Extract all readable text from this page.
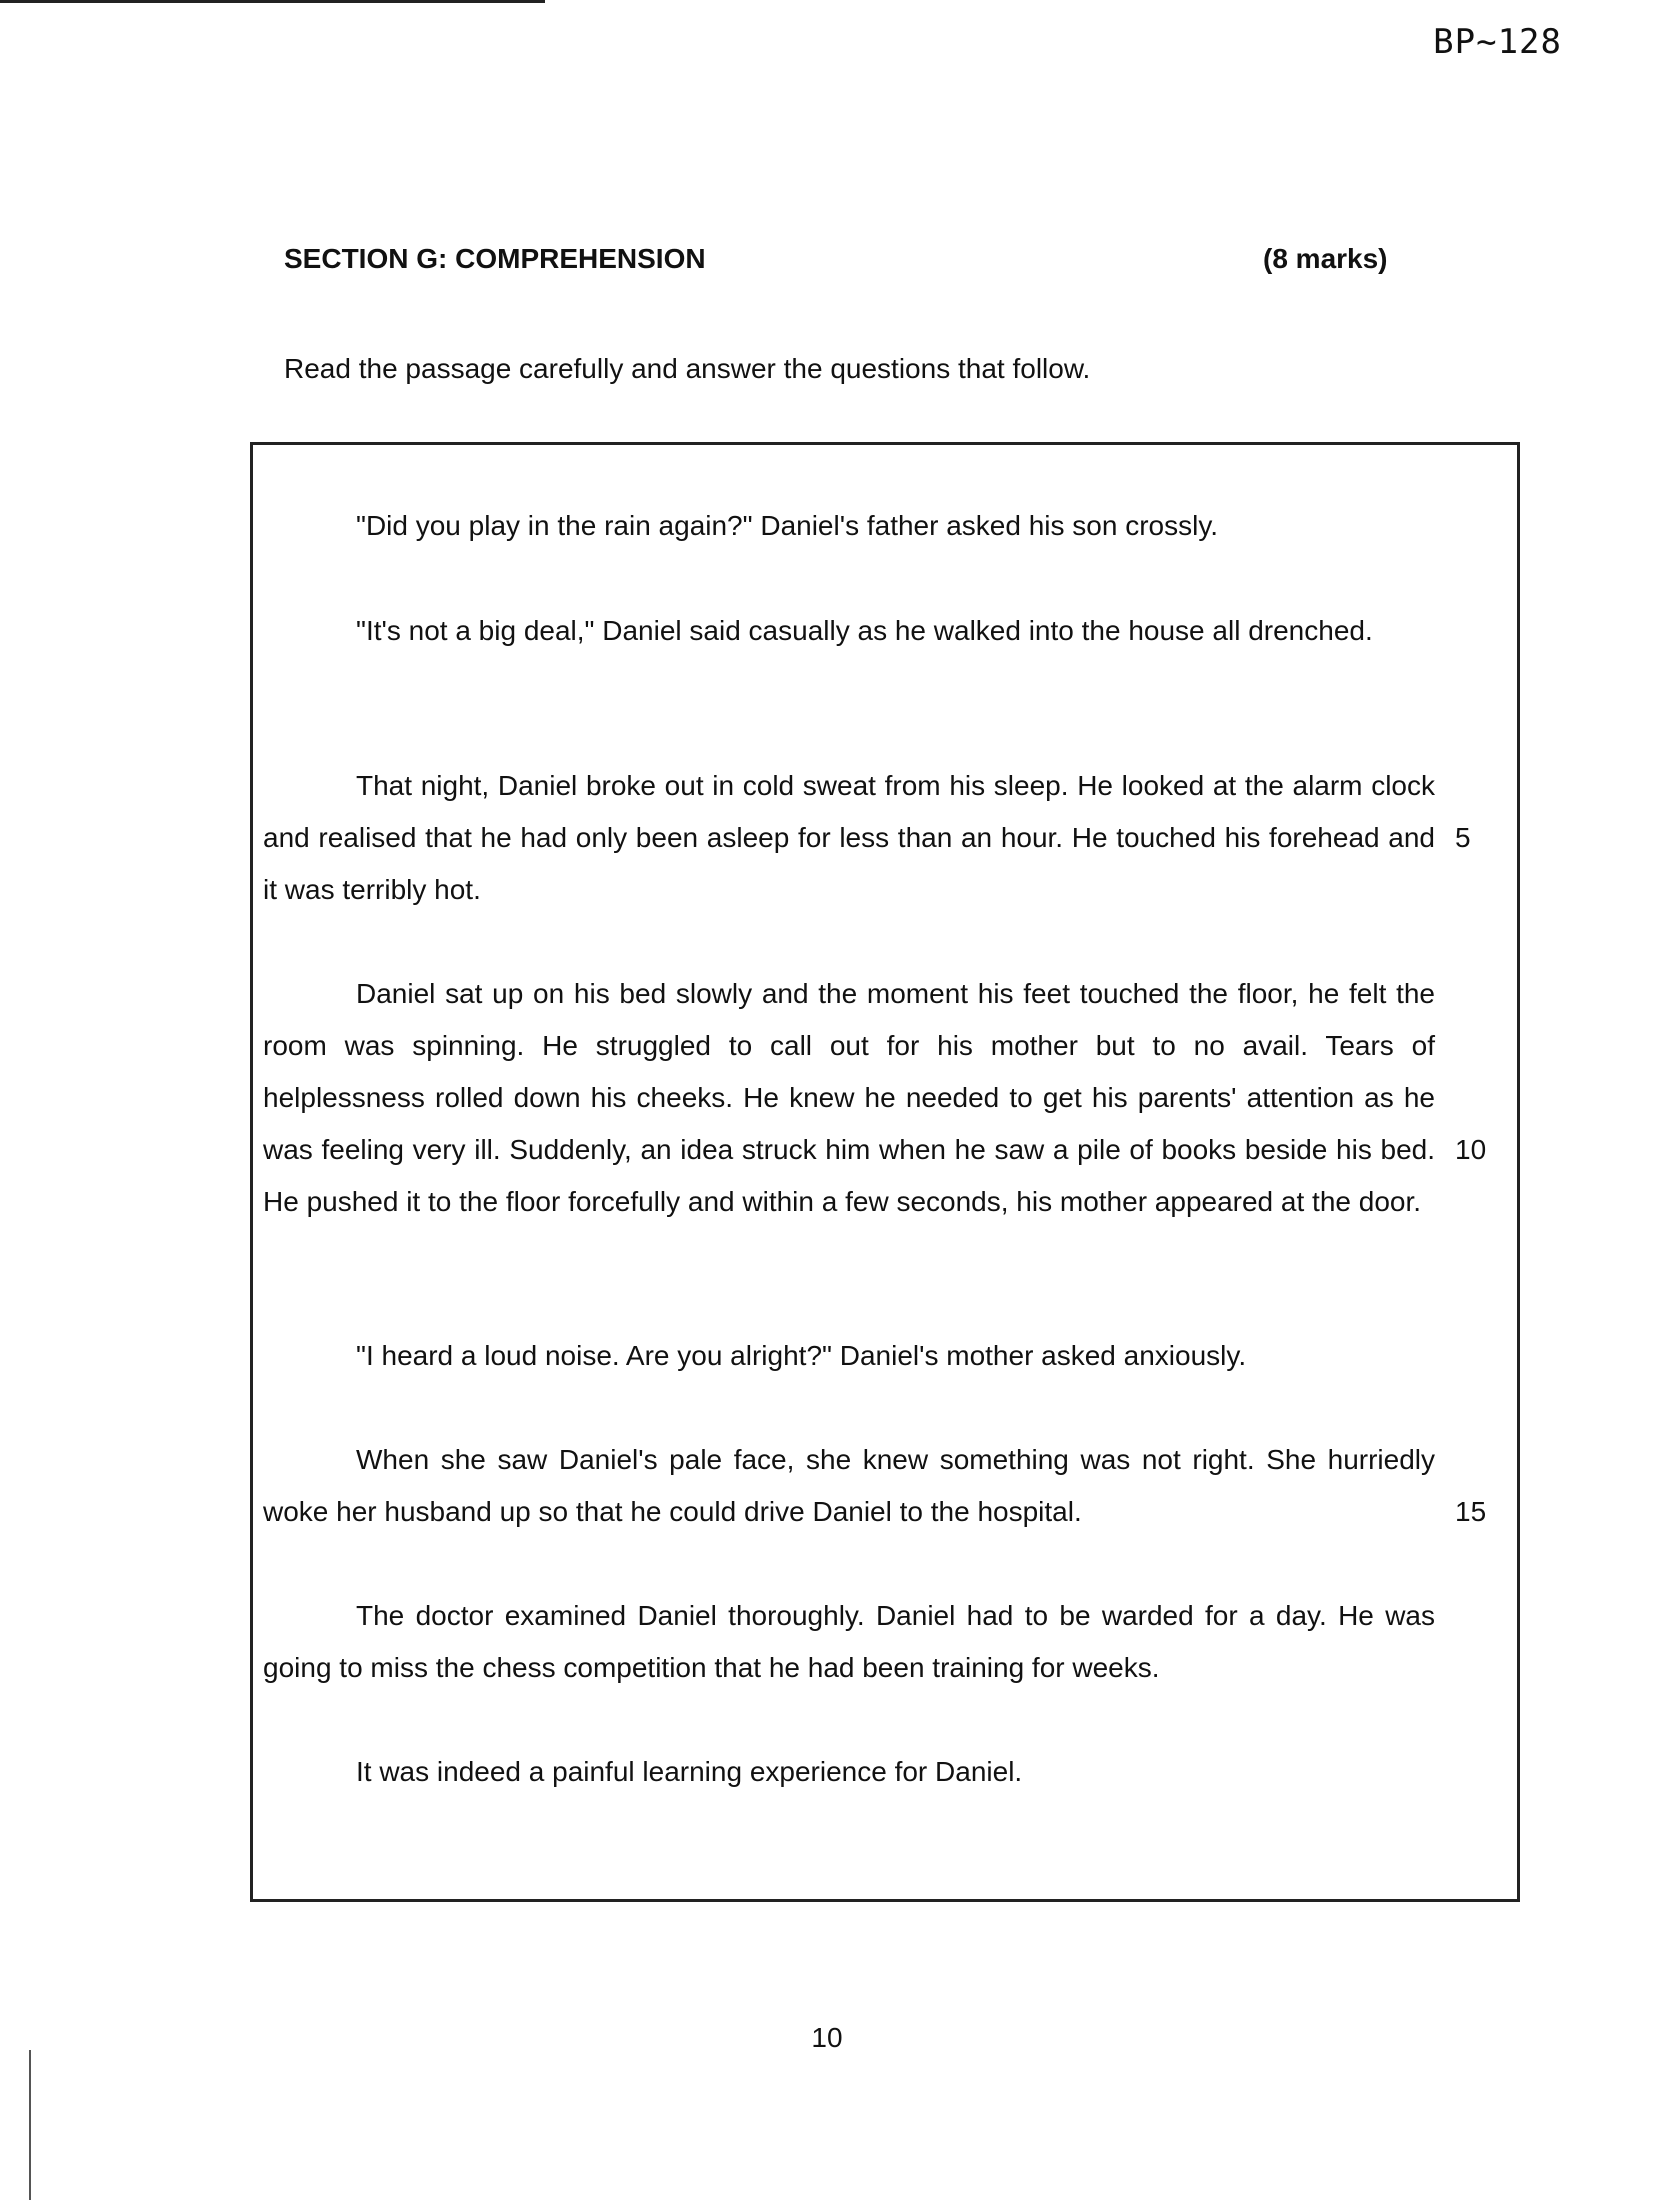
BP~128
SECTION G: COMPREHENSION	(8 marks)
Read the passage carefully and answer the questions that follow.

"Did you play in the rain again?" Daniel's father asked his son crossly.

"It's not a big deal," Daniel said casually as he walked into the house all drenched.

That night, Daniel broke out in cold sweat from his sleep. He looked at the alarm clock and realised that he had only been asleep for less than an hour. He touched his forehead and it was terribly hot.

Daniel sat up on his bed slowly and the moment his feet touched the floor, he felt the room was spinning. He struggled to call out for his mother but to no avail. Tears of helplessness rolled down his cheeks. He knew he needed to get his parents' attention as he was feeling very ill. Suddenly, an idea struck him when he saw a pile of books beside his bed. He pushed it to the floor forcefully and within a few seconds, his mother appeared at the door.

"I heard a loud noise. Are you alright?" Daniel's mother asked anxiously.

When she saw Daniel's pale face, she knew something was not right. She hurriedly woke her husband up so that he could drive Daniel to the hospital.

The doctor examined Daniel thoroughly. Daniel had to be warded for a day. He was going to miss the chess competition that he had been training for weeks.

It was indeed a painful learning experience for Daniel.

5
10
15
10
